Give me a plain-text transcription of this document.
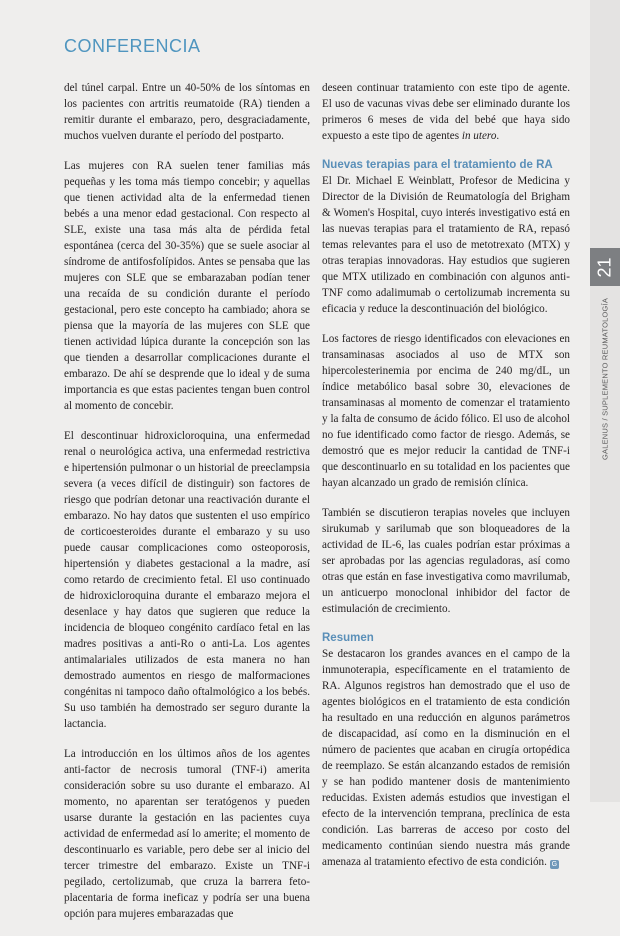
CONFERENCIA
GALENUS / SUPLEMENTO REUMATOLOGÍA
21

del túnel carpal. Entre un 40-50% de los síntomas en los pacientes con artritis reumatoide (RA) tienden a remitir durante el embarazo, pero, desgraciadamente, muchos vuelven durante el período del postparto.

Las mujeres con RA suelen tener familias más pequeñas y les toma más tiempo concebir; y aquellas que tienen actividad alta de la enfermedad tienen bebés a una menor edad gestacional. Con respecto al SLE, existe una tasa más alta de pérdida fetal espontánea (cerca del 30-35%) que se suele asociar al síndrome de antifosfolípidos. Antes se pensaba que las mujeres con SLE que se embarazaban podían tener una recaída de su condición durante el período gestacional, pero este concepto ha cambiado; ahora se piensa que la mayoría de las mujeres con SLE que tienen actividad lúpica durante la concepción son las que tienden a desarrollar complicaciones durante el embarazo. De ahí se desprende que lo ideal y de suma importancia es que estas pacientes tengan buen control al momento de concebir.

El descontinuar hidroxicloroquina, una enfermedad renal o neurológica activa, una enfermedad restrictiva e hipertensión pulmonar o un historial de preeclampsia severa (a veces difícil de distinguir) son factores de riesgo que podrían detonar una reactivación durante el embarazo. No hay datos que sustenten el uso empírico de corticoesteroides durante el embarazo y su uso puede causar complicaciones como osteoporosis, hipertensión y diabetes gestacional a la madre, así como retardo de crecimiento fetal. El uso continuado de hidroxicloroquina durante el embarazo mejora el desenlace y hay datos que sugieren que reduce la incidencia de bloqueo congénito cardíaco fetal en las madres positivas a anti-Ro o anti-La. Los agentes antimalariales utilizados de esta manera no han demostrado aumentos en riesgo de malformaciones congénitas ni tampoco daño oftalmológico a los bebés. Su uso también ha demostrado ser seguro durante la lactancia.

La introducción en los últimos años de los agentes anti-factor de necrosis tumoral (TNF-i) amerita consideración sobre su uso durante el embarazo. Al momento, no aparentan ser teratógenos y pueden usarse durante la gestación en las pacientes cuya actividad de enfermedad así lo amerite; el momento de descontinuarlo es variable, pero debe ser al inicio del tercer trimestre del embarazo. Existe un TNF-i pegilado, certolizumab, que cruza la barrera feto-placentaria de forma ineficaz y podría ser una buena opción para mujeres embarazadas que

deseen continuar tratamiento con este tipo de agente. El uso de vacunas vivas debe ser eliminado durante los primeros 6 meses de vida del bebé que haya sido expuesto a este tipo de agentes in utero.

Nuevas terapias para el tratamiento de RA

El Dr. Michael E Weinblatt, Profesor de Medicina y Director de la División de Reumatología del Brigham & Women's Hospital, cuyo interés investigativo está en las nuevas terapias para el tratamiento de RA, repasó temas relevantes para el uso de metotrexato (MTX) y otras terapias innovadoras. Hay estudios que sugieren que MTX utilizado en combinación con algunos anti-TNF como adalimumab o certolizumab incrementa su eficacia y reduce la descontinuación del biológico.

Los factores de riesgo identificados con elevaciones en transaminasas asociados al uso de MTX son hipercolesterinemia por encima de 240 mg/dL, un índice metabólico basal sobre 30, elevaciones de transaminasas al momento de comenzar el tratamiento y la falta de consumo de ácido fólico. El uso de alcohol no fue identificado como factor de riesgo. Además, se demostró que es mejor reducir la cantidad de TNF-i que descontinuarlo en su totalidad en los pacientes que hayan alcanzado un grado de remisión clínica.

También se discutieron terapias noveles que incluyen sirukumab y sarilumab que son bloqueadores de la actividad de IL-6, las cuales podrían estar próximas a ser aprobadas por las agencias reguladoras, así como otras que están en fase investigativa como mavrilumab, un anticuerpo monoclonal inhibidor del factor de estimulación de crecimiento.

Resumen

Se destacaron los grandes avances en el campo de la inmunoterapia, específicamente en el tratamiento de RA. Algunos registros han demostrado que el uso de agentes biológicos en el tratamiento de esta condición ha resultado en una reducción en algunos parámetros de discapacidad, así como en la disminución en el número de pacientes que acaban en cirugía ortopédica de reemplazo. Se están alcanzando estados de remisión y se han podido mantener dosis de mantenimiento reducidas. Existen además estudios que investigan el efecto de la intervención temprana, preclínica de esta condición. Las barreras de acceso por costo del medicamento continúan siendo nuestra más grande amenaza al tratamiento efectivo de esta condición. G
